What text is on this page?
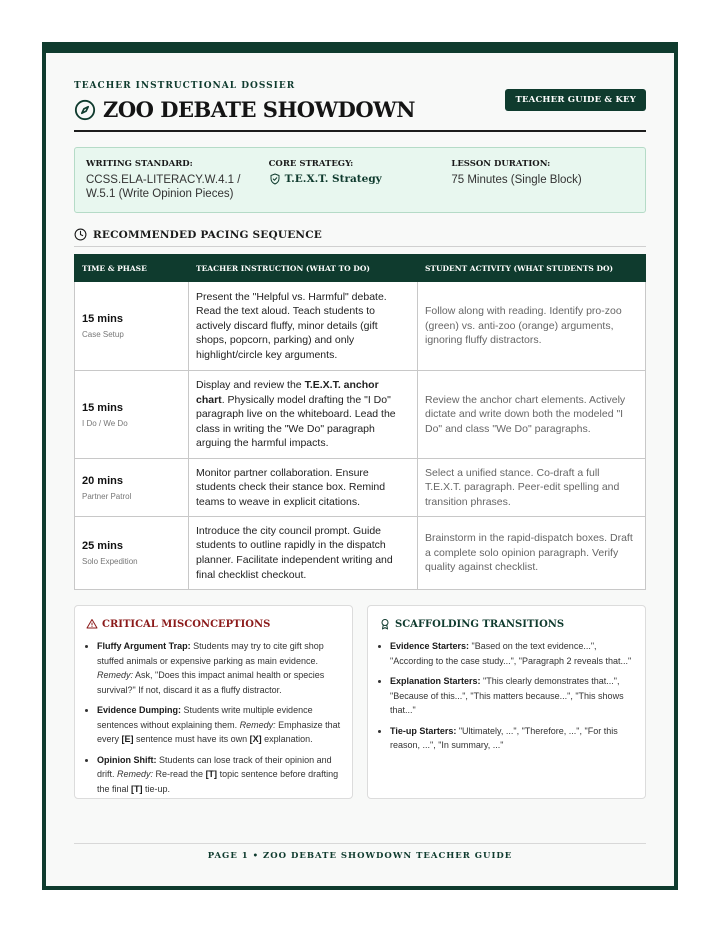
TEACHER INSTRUCTIONAL DOSSIER
ZOO DEBATE SHOWDOWN	TEACHER GUIDE & KEY
WRITING STANDARD:
CCSS.ELA-LITERACY.W.4.1 / W.5.1 (Write Opinion Pieces)
CORE STRATEGY:
T.E.X.T. Strategy
LESSON DURATION:
75 Minutes (Single Block)
RECOMMENDED PACING SEQUENCE
TIME & PHASE	TEACHER INSTRUCTION (WHAT TO DO)	STUDENT ACTIVITY (WHAT STUDENTS DO)

15 mins
Case Setup	Present the "Helpful vs. Harmful" debate. Read the text aloud. Teach students to actively discard fluffy, minor details (gift shops, popcorn, parking) and only highlight/circle key arguments.	Follow along with reading. Identify pro-zoo (green) vs. anti-zoo (orange) arguments, ignoring fluffy distractors.

15 mins
I Do / We Do	Display and review the T.E.X.T. anchor chart. Physically model drafting the "I Do" paragraph live on the whiteboard. Lead the class in writing the "We Do" paragraph arguing the harmful impacts.	Review the anchor chart elements. Actively dictate and write down both the modeled "I Do" and class "We Do" paragraphs.

20 mins
Partner Patrol	Monitor partner collaboration. Ensure students check their stance box. Remind teams to weave in explicit citations.	Select a unified stance. Co-draft a full T.E.X.T. paragraph. Peer-edit spelling and transition phrases.

25 mins
Solo Expedition	Introduce the city council prompt. Guide students to outline rapidly in the dispatch planner. Facilitate independent writing and final checklist checkout.	Brainstorm in the rapid-dispatch boxes. Draft a complete solo opinion paragraph. Verify quality against checklist.
CRITICAL MISCONCEPTIONS
• Fluffy Argument Trap: Students may try to cite gift shop stuffed animals or expensive parking as main evidence. Remedy: Ask, "Does this impact animal health or species survival?" If not, discard it as a fluffy distractor.
• Evidence Dumping: Students write multiple evidence sentences without explaining them. Remedy: Emphasize that every [E] sentence must have its own [X] explanation.
• Opinion Shift: Students can lose track of their opinion and drift. Remedy: Re-read the [T] topic sentence before drafting the final [T] tie-up.
SCAFFOLDING TRANSITIONS
• Evidence Starters: "Based on the text evidence...", "According to the case study...", "Paragraph 2 reveals that..."
• Explanation Starters: "This clearly demonstrates that...", "Because of this...", "This matters because...", "This shows that..."
• Tie-up Starters: "Ultimately, ...", "Therefore, ...", "For this reason, ...", "In summary, ..."
PAGE 1 • ZOO DEBATE SHOWDOWN TEACHER GUIDE
